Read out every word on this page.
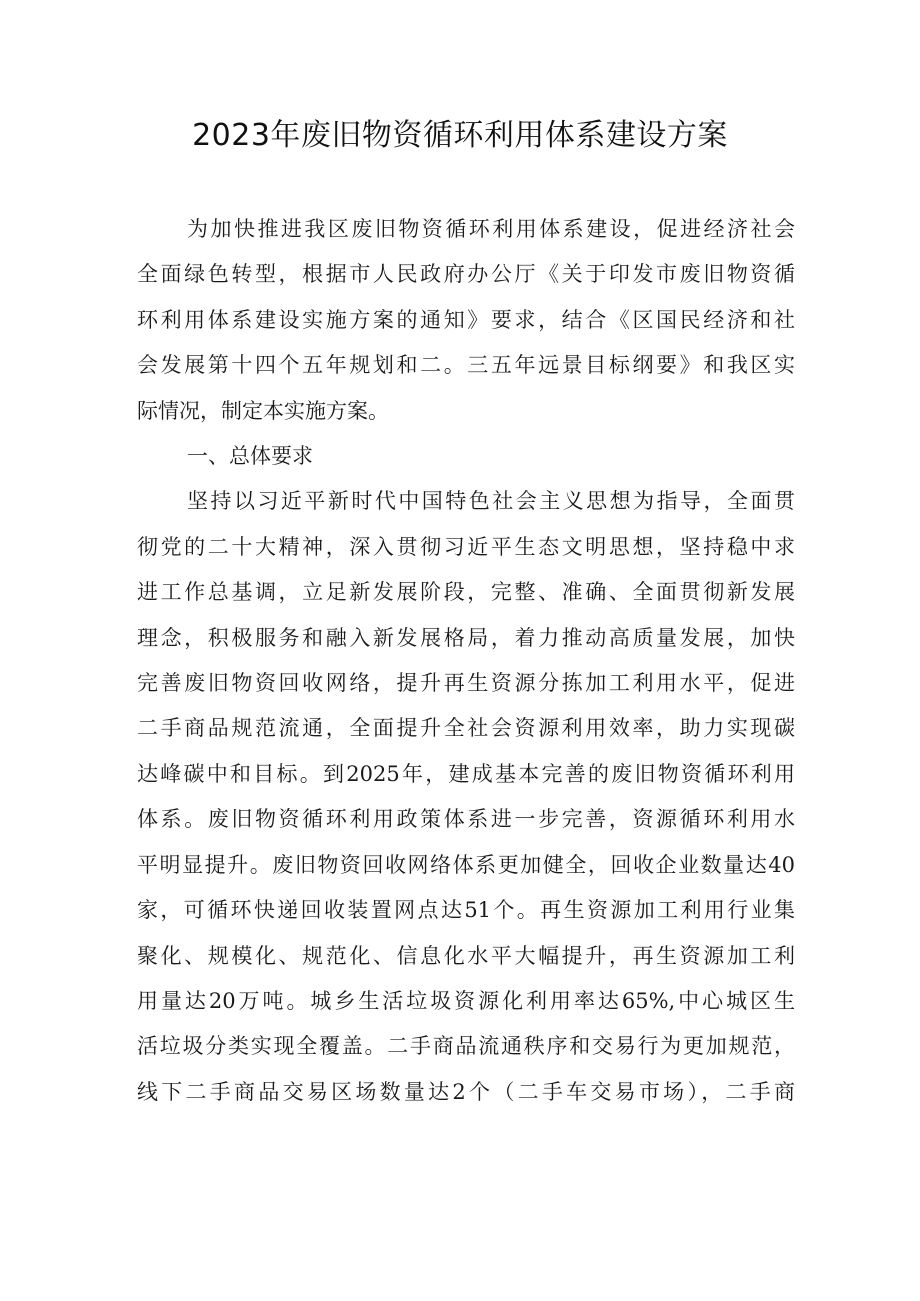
2023年废旧物资循环利用体系建设方案
为加快推进我区废旧物资循环利用体系建设，促进经济社会
全面绿色转型，根据市人民政府办公厅《关于印发市废旧物资循
环利用体系建设实施方案的通知》要求，结合《区国民经济和社
会发展第十四个五年规划和二。三五年远景目标纲要》和我区实
际情况，制定本实施方案。
一、总体要求
坚持以习近平新时代中国特色社会主义思想为指导，全面贯
彻党的二十大精神，深入贯彻习近平生态文明思想，坚持稳中求
进工作总基调，立足新发展阶段，完整、准确、全面贯彻新发展
理念，积极服务和融入新发展格局，着力推动高质量发展，加快
完善废旧物资回收网络，提升再生资源分拣加工利用水平，促进
二手商品规范流通，全面提升全社会资源利用效率，助力实现碳
达峰碳中和目标。到2025年，建成基本完善的废旧物资循环利用
体系。废旧物资循环利用政策体系进一步完善，资源循环利用水
平明显提升。废旧物资回收网络体系更加健全，回收企业数量达40
家，可循环快递回收装置网点达51个。再生资源加工利用行业集
聚化、规模化、规范化、信息化水平大幅提升，再生资源加工利
用量达20万吨。城乡生活垃圾资源化利用率达65%,中心城区生
活垃圾分类实现全覆盖。二手商品流通秩序和交易行为更加规范，
线下二手商品交易区场数量达2个（二手车交易市场），二手商
